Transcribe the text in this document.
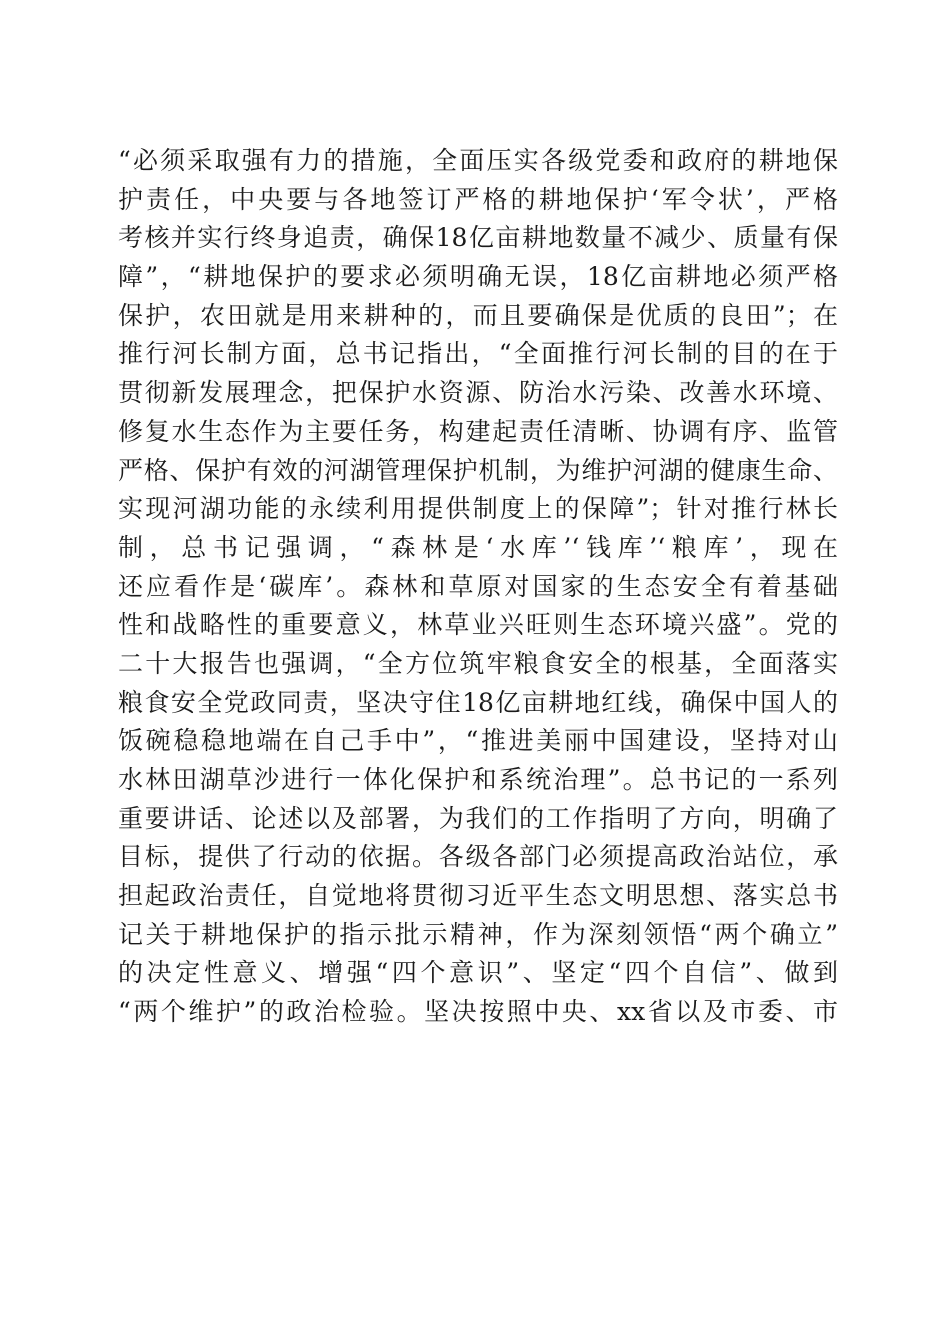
“必须采取强有力的措施，全面压实各级党委和政府的耕地保
护责任，中央要与各地签订严格的耕地保护‘军令状’，严格
考核并实行终身追责，确保18亿亩耕地数量不减少、质量有保
障”，“耕地保护的要求必须明确无误，18亿亩耕地必须严格
保护，农田就是用来耕种的，而且要确保是优质的良田”；在
推行河长制方面，总书记指出，“全面推行河长制的目的在于
贯彻新发展理念，把保护水资源、防治水污染、改善水环境、
修复水生态作为主要任务，构建起责任清晰、协调有序、监管
严格、保护有效的河湖管理保护机制，为维护河湖的健康生命、
实现河湖功能的永续利用提供制度上的保障”；针对推行林长
制，总书记强调，“森林是‘水库’‘钱库’‘粮库’，现在
还应看作是‘碳库’。森林和草原对国家的生态安全有着基础
性和战略性的重要意义，林草业兴旺则生态环境兴盛”。党的
二十大报告也强调，“全方位筑牢粮食安全的根基，全面落实
粮食安全党政同责，坚决守住18亿亩耕地红线，确保中国人的
饭碗稳稳地端在自己手中”，“推进美丽中国建设，坚持对山
水林田湖草沙进行一体化保护和系统治理”。总书记的一系列
重要讲话、论述以及部署，为我们的工作指明了方向，明确了
目标，提供了行动的依据。各级各部门必须提高政治站位，承
担起政治责任，自觉地将贯彻习近平生态文明思想、落实总书
记关于耕地保护的指示批示精神，作为深刻领悟“两个确立”
的决定性意义、增强“四个意识”、坚定“四个自信”、做到
“两个维护”的政治检验。坚决按照中央、xx省以及市委、市
